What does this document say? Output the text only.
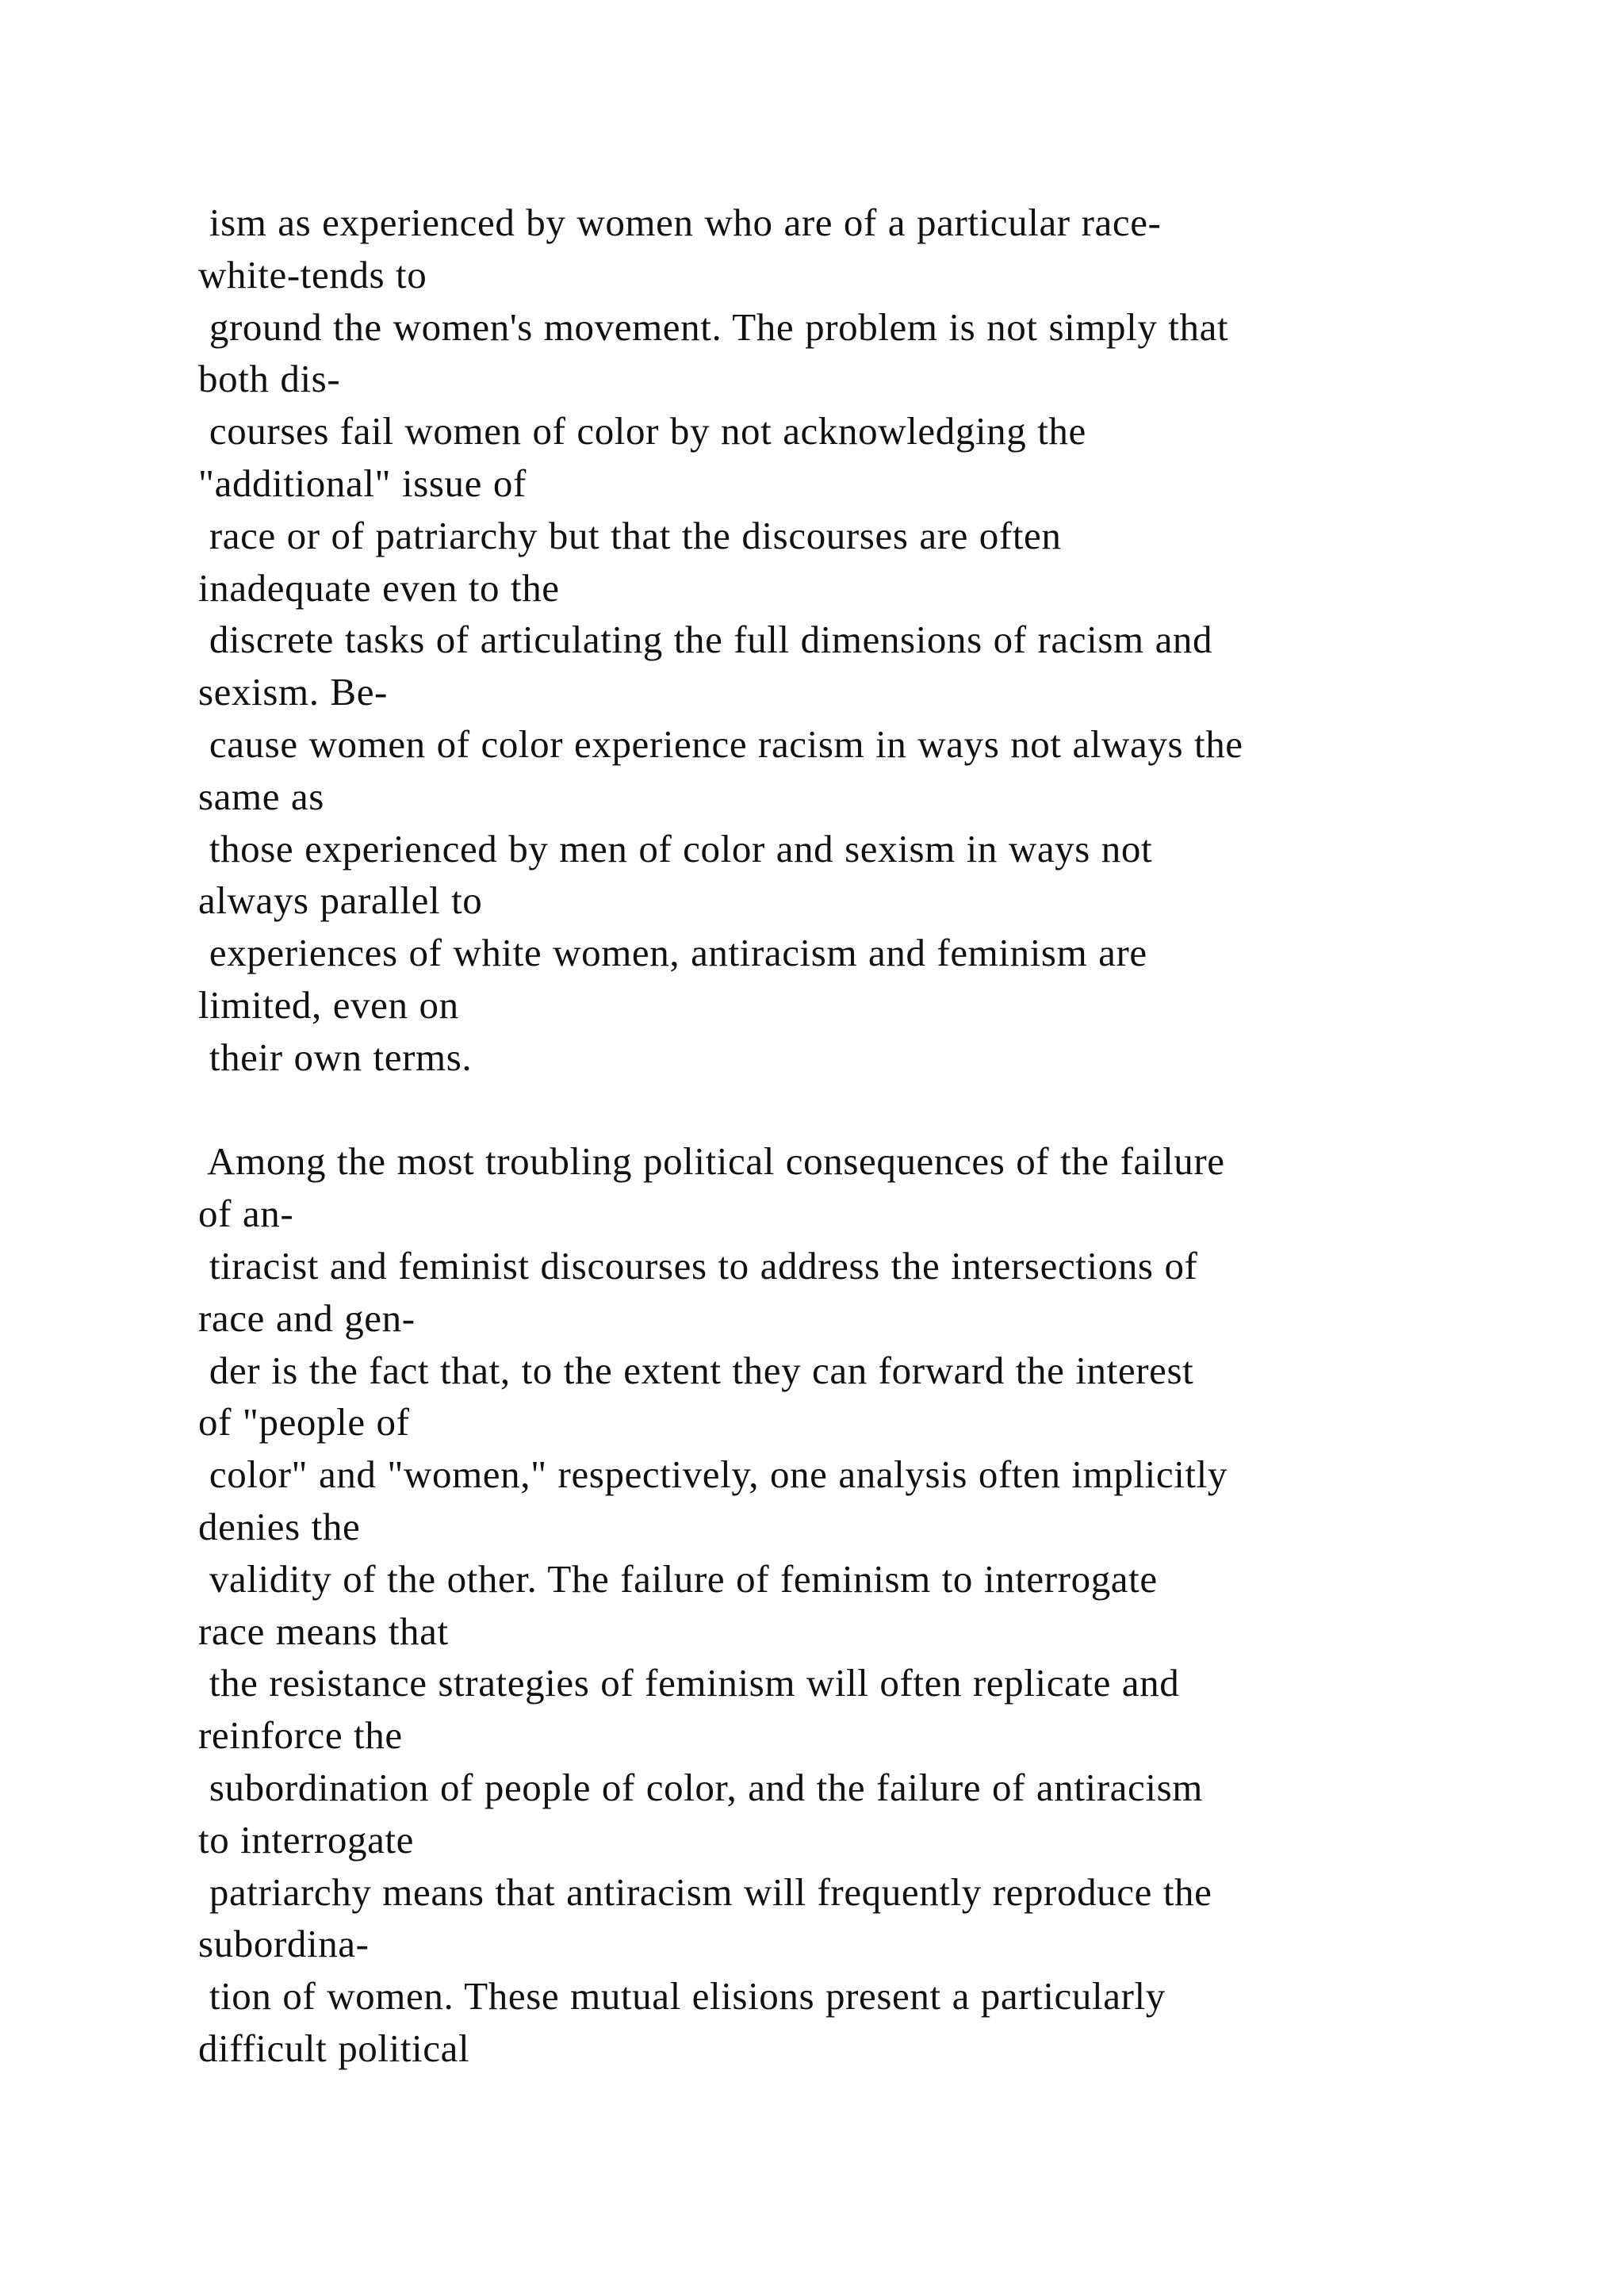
ism as experienced by women who are of a particular race-
white-tends to
ground the women's movement. The problem is not simply that
both dis-
courses fail women of color by not acknowledging the
"additional" issue of
race or of patriarchy but that the discourses are often
inadequate even to the
discrete tasks of articulating the full dimensions of racism and
sexism. Be-
cause women of color experience racism in ways not always the
same as
those experienced by men of color and sexism in ways not
always parallel to
experiences of white women, antiracism and feminism are
limited, even on
their own terms.
Among the most troubling political consequences of the failure
of an-
tiracist and feminist discourses to address the intersections of
race and gen-
der is the fact that, to the extent they can forward the interest
of "people of
color" and "women," respectively, one analysis often implicitly
denies the
validity of the other. The failure of feminism to interrogate
race means that
the resistance strategies of feminism will often replicate and
reinforce the
subordination of people of color, and the failure of antiracism
to interrogate
patriarchy means that antiracism will frequently reproduce the
subordina-
tion of women. These mutual elisions present a particularly
difficult political
